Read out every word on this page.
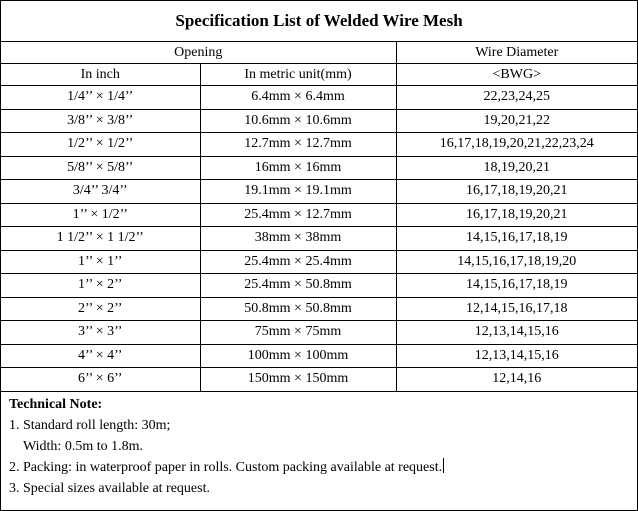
Specification List of Welded Wire Mesh		
Opening		Wire Diameter
In inch	In metric unit(mm)	<BWG>
1/4’’ × 1/4’’	6.4mm × 6.4mm	22,23,24,25
3/8’’ × 3/8’’	10.6mm × 10.6mm	19,20,21,22
1/2’’ × 1/2’’	12.7mm × 12.7mm	16,17,18,19,20,21,22,23,24
5/8’’ × 5/8’’	16mm × 16mm	18,19,20,21
3/4’’ 3/4’’	19.1mm × 19.1mm	16,17,18,19,20,21
1’’ × 1/2’’	25.4mm × 12.7mm	16,17,18,19,20,21
1 1/2’’ × 1 1/2’’	38mm × 38mm	14,15,16,17,18,19
1’’ × 1’’	25.4mm × 25.4mm	14,15,16,17,18,19,20
1’’ × 2’’	25.4mm × 50.8mm	14,15,16,17,18,19
2’’ × 2’’	50.8mm × 50.8mm	12,14,15,16,17,18
3’’ × 3’’	75mm × 75mm	12,13,14,15,16
4’’ × 4’’	100mm × 100mm	12,13,14,15,16
6’’ × 6’’	150mm × 150mm	12,14,16
Technical Note:
1. Standard roll length: 30m;
Width: 0.5m to 1.8m.
2. Packing: in waterproof paper in rolls. Custom packing available at request.
3. Special sizes available at request.
